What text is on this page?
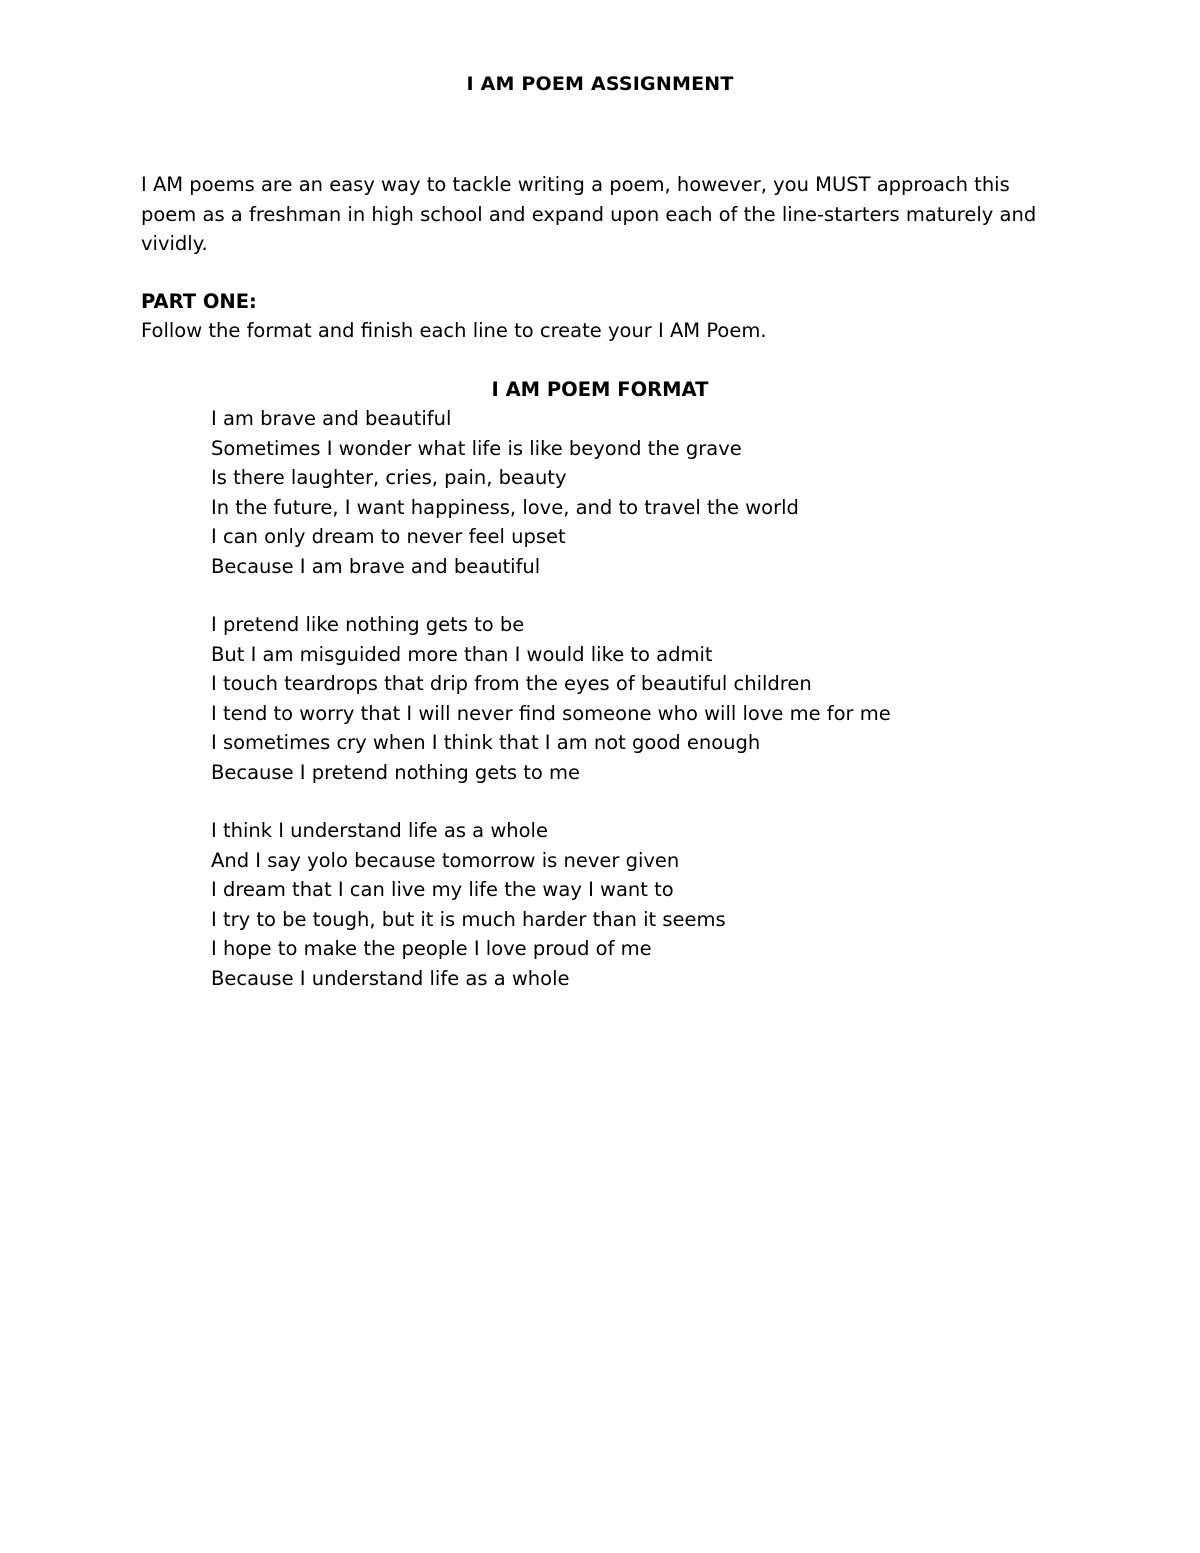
I AM POEM ASSIGNMENT

I AM poems are an easy way to tackle writing a poem, however, you MUST approach this poem as a freshman in high school and expand upon each of the line-starters maturely and vividly.

PART ONE:
Follow the format and finish each line to create your I AM Poem.
I AM POEM FORMAT
I am brave and beautiful
Sometimes I wonder what life is like beyond the grave
Is there laughter, cries, pain, beauty
In the future, I want happiness, love, and to travel the world
I can only dream to never feel upset
Because I am brave and beautiful
I pretend like nothing gets to be
But I am misguided more than I would like to admit
I touch teardrops that drip from the eyes of beautiful children
I tend to worry that I will never find someone who will love me for me
I sometimes cry when I think that I am not good enough
Because I pretend nothing gets to me
I think I understand life as a whole
And I say yolo because tomorrow is never given
I dream that I can live my life the way I want to
I try to be tough, but it is much harder than it seems
I hope to make the people I love proud of me
Because I understand life as a whole
